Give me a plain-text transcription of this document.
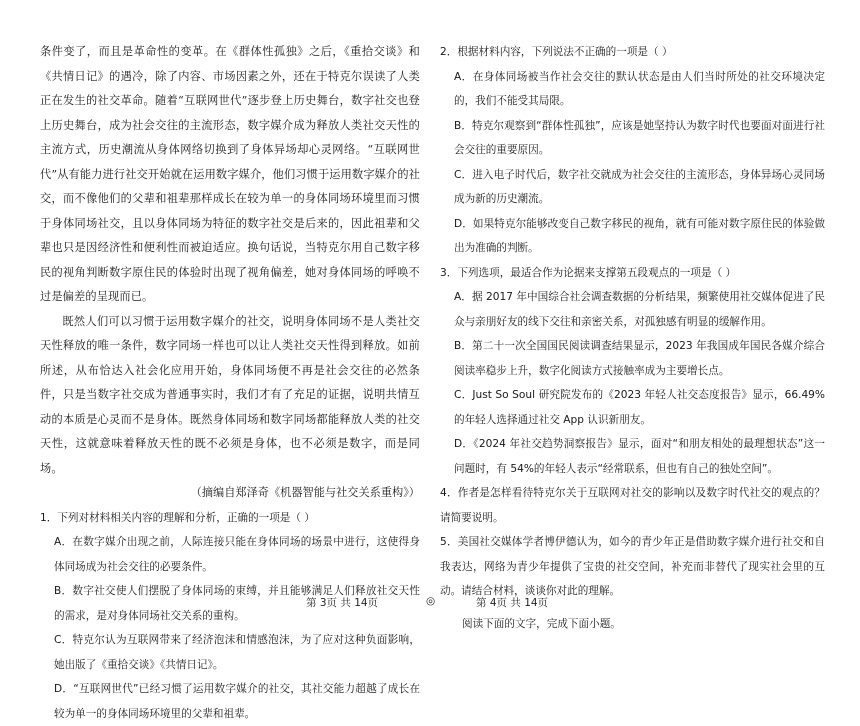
条件变了，而且是革命性的变革。在《群体性孤独》之后，《重拾交谈》和《共情日记》的遇冷，除了内容、市场因素之外，还在于特克尔误读了人类正在发生的社交革命。随着“互联网世代”逐步登上历史舞台，数字社交也登上历史舞台，成为社会交往的主流形态，数字媒介成为释放人类社交天性的主流方式，历史潮流从身体网络切换到了身体异场却心灵网络。“互联网世代”从有能力进行社交开始就在运用数字媒介，他们习惯于运用数字媒介的社交，而不像他们的父辈和祖辈那样成长在较为单一的身体同场环境里而习惯于身体同场社交，且以身体同场为特征的数字社交是后来的，因此祖辈和父辈也只是因经济性和便利性而被迫适应。换句话说，当特克尔用自己数字移民的视角判断数字原住民的体验时出现了视角偏差，她对身体同场的呼唤不过是偏差的呈现而已。

既然人们可以习惯于运用数字媒介的社交，说明身体同场不是人类社交天性释放的唯一条件，数字同场一样也可以让人类社交天性得到释放。如前所述，从布恰达入社会化应用开始，身体同场便不再是社会交往的必然条件，只是当数字社交成为普通事实时，我们才有了充足的证据，说明共情互动的本质是心灵而不是身体。既然身体同场和数字同场都能释放人类的社交天性，这就意味着释放天性的既不必须是身体，也不必须是数字，而是同场。

（摘编自郑泽奇《机器智能与社交关系重构》）

1．下列对材料相关内容的理解和分析，正确的一项是（ ）

A．在数字媒介出现之前，人际连接只能在身体同场的场景中进行，这使得身体同场成为社会交往的必要条件。

B．数字社交使人们摆脱了身体同场的束缚，并且能够满足人们释放社交天性的需求，是对身体同场社交关系的重构。

C．特克尔认为互联网带来了经济泡沫和情感泡沫，为了应对这种负面影响，她出版了《重拾交谈》《共情日记》。

D．“互联网世代”已经习惯了运用数字媒介的社交，其社交能力超越了成长在较为单一的身体同场环境里的父辈和祖辈。

2．根据材料内容，下列说法不正确的一项是（ ）

A．在身体同场被当作社会交往的默认状态是由人们当时所处的社交环境决定的，我们不能受其局限。

B．特克尔观察到“群体性孤独”，应该是她坚持认为数字时代也要面对面进行社会交往的重要原因。

C．进入电子时代后，数字社交就成为社会交往的主流形态，身体异场心灵同场成为新的历史潮流。

D．如果特克尔能够改变自己数字移民的视角，就有可能对数字原住民的体验做出为准确的判断。

3．下列选项，最适合作为论据来支撑第五段观点的一项是（ ）

A．据 2017 年中国综合社会调查数据的分析结果，频繁使用社交媒体促进了民众与亲朋好友的线下交往和亲密关系，对孤独感有明显的缓解作用。

B．第二十一次全国国民阅读调查结果显示，2023 年我国成年国民各媒介综合阅读率稳步上升，数字化阅读方式接触率成为主要增长点。

C．Just So Soul 研究院发布的《2023 年轻人社交态度报告》显示，66.49%的年轻人选择通过社交 App 认识新朋友。

D．《2024 年社交趋势洞察报告》显示，面对“和朋友相处的最理想状态”这一问题时，有 54%的年轻人表示“经常联系，但也有自己的独处空间”。

4．作者是怎样看待特克尔关于互联网对社交的影响以及数字时代社交的观点的？请简要说明。

5．美国社交媒体学者博伊德认为，如今的青少年正是借助数字媒介进行社交和自我表达，网络为青少年提供了宝贵的社交空间，补充而非替代了现实社会里的互动。请结合材料，谈谈你对此的理解。

阅读下面的文字，完成下面小题。

第 3页 共 14页	◎	第 4页 共 14页
